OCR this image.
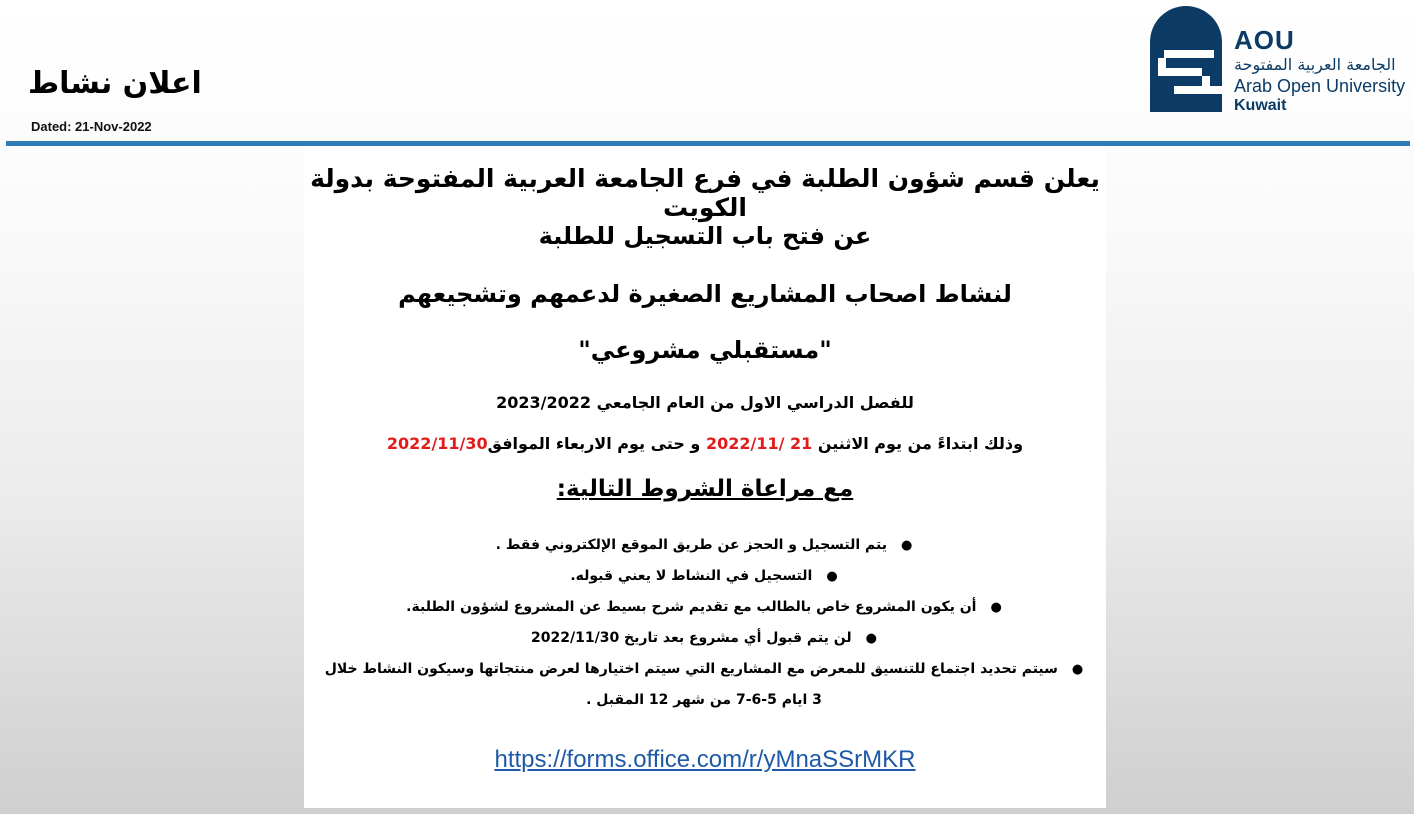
اعلان نشاط
Dated: 21-Nov-2022
AOU
الجامعة العربية المفتوحة
Arab Open University
Kuwait

يعلن قسم شؤون الطلبة في فرع الجامعة العربية المفتوحة بدولة الكويت

عن فتح باب التسجيل للطلبة

لنشاط اصحاب المشاريع الصغيرة لدعمهم وتشجيعهم

"مستقبلي مشروعي"

للفصل الدراسي الاول من العام الجامعي 2023/2022

وذلك ابتداءً من يوم الاثنين 21 /2022/11 و حتى يوم الاربعاء الموافق2022/11/30

مع مراعاة الشروط التالية:

●يتم التسجيل و الحجز عن طريق الموقع الإلكتروني فقط .
●التسجيل في النشاط لا يعني قبوله.
●أن يكون المشروع خاص بالطالب مع تقديم شرح بسيط عن المشروع لشؤون الطلبة.
●لن يتم قبول أي مشروع بعد تاريخ 2022/11/30
●سيتم تحديد اجتماع للتنسيق للمعرض مع المشاريع التي سيتم اختيارها لعرض منتجاتها وسيكون النشاط خلال 3 ايام 5-6-7 من شهر 12 المقبل .
https://forms.office.com/r/yMnaSSrMKR
